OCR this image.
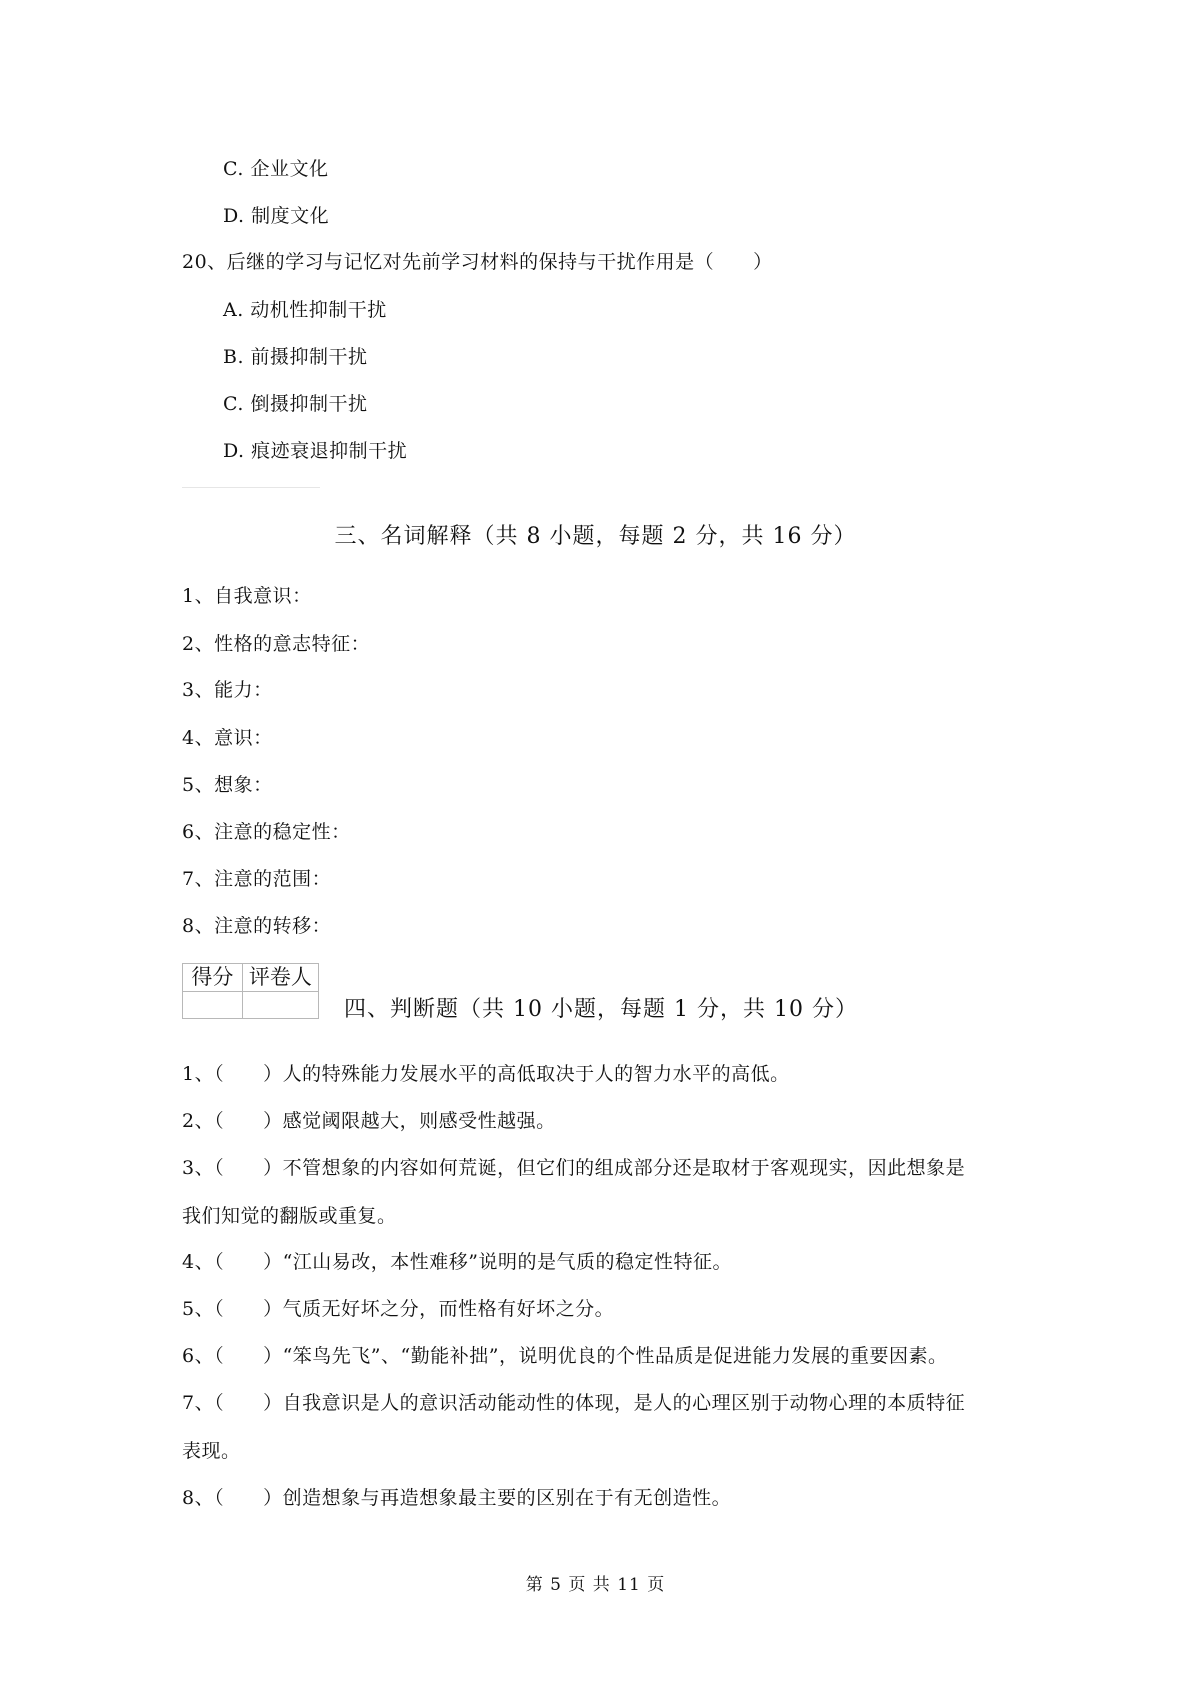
C. 企业文化
D. 制度文化
20、后继的学习与记忆对先前学习材料的保持与干扰作用是（　　）
A. 动机性抑制干扰
B. 前摄抑制干扰
C. 倒摄抑制干扰
D. 痕迹衰退抑制干扰
三、名词解释（共 8 小题，每题 2 分，共 16 分）
1、自我意识：
2、性格的意志特征：
3、能力：
4、意识：
5、想象：
6、注意的稳定性：
7、注意的范围：
8、注意的转移：
得分	评卷人

四、判断题（共 10 小题，每题 1 分，共 10 分）
1、（　　）人的特殊能力发展水平的高低取决于人的智力水平的高低。
2、（　　）感觉阈限越大，则感受性越强。
3、（　　）不管想象的内容如何荒诞，但它们的组成部分还是取材于客观现实，因此想象是
我们知觉的翻版或重复。
4、（　　）“江山易改，本性难移”说明的是气质的稳定性特征。
5、（　　）气质无好坏之分，而性格有好坏之分。
6、（　　）“笨鸟先飞”、“勤能补拙”，说明优良的个性品质是促进能力发展的重要因素。
7、（　　）自我意识是人的意识活动能动性的体现，是人的心理区别于动物心理的本质特征
表现。
8、（　　）创造想象与再造想象最主要的区别在于有无创造性。
第 5 页 共 11 页
